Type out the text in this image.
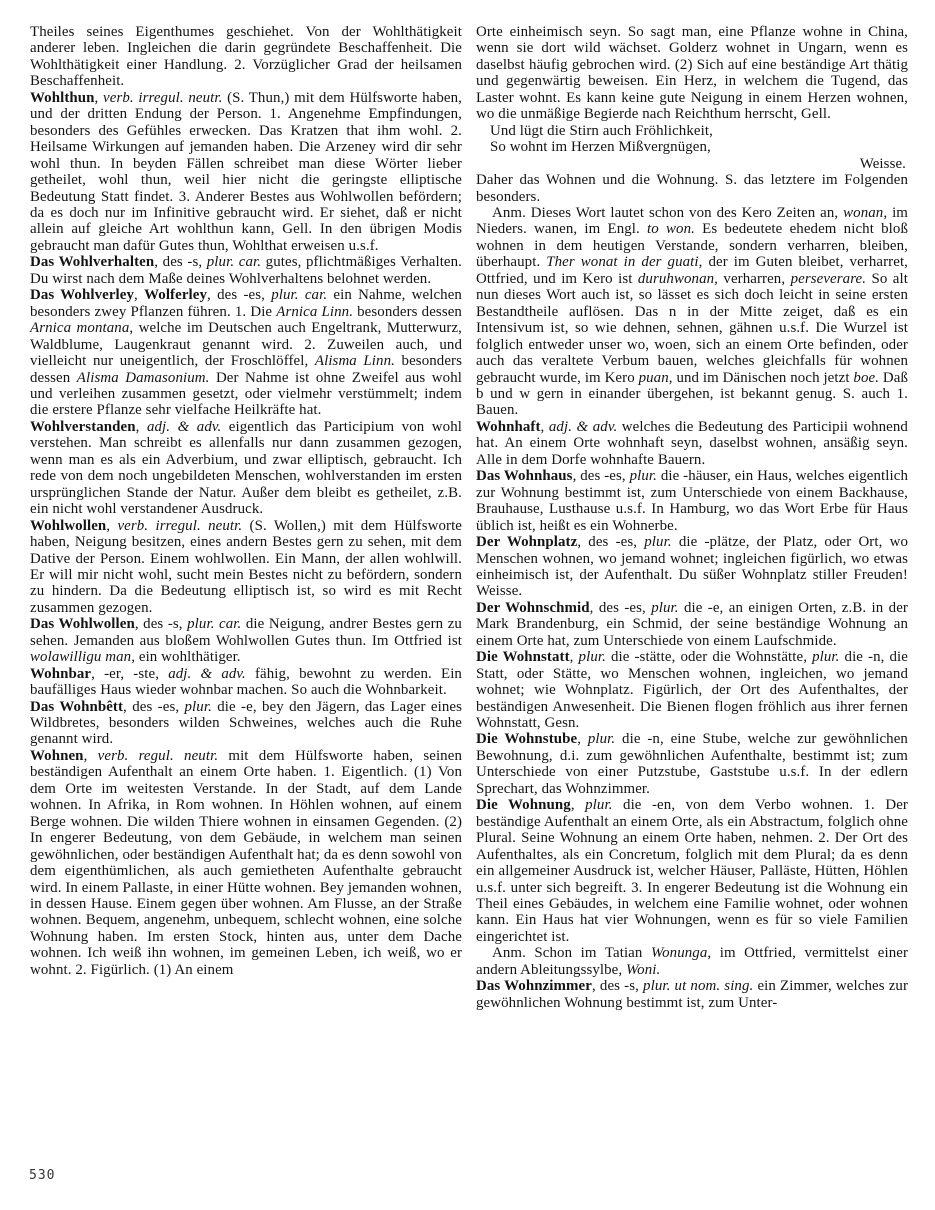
Theiles seines Eigenthumes geschiehet. Von der Wohlthätigkeit anderer leben. Ingleichen die darin gegründete Beschaffenheit. Die Wohlthätigkeit einer Handlung. 2. Vorzüglicher Grad der heilsamen Beschaffenheit.
Wohlthun, verb. irregul. neutr. (S. Thun,) mit dem Hülfsworte haben, und der dritten Endung der Person. 1. Angenehme Empfindungen, besonders des Gefühles erwecken. Das Kratzen that ihm wohl. 2. Heilsame Wirkungen auf jemanden haben. Die Arzeney wird dir sehr wohl thun. In beyden Fällen schreibet man diese Wörter lieber getheilet, wohl thun, weil hier nicht die geringste elliptische Bedeutung Statt findet. 3. Anderer Bestes aus Wohlwollen befördern; da es doch nur im Infinitive gebraucht wird. Er siehet, daß er nicht allein auf gleiche Art wohlthun kann, Gell. In den übrigen Modis gebraucht man dafür Gutes thun, Wohlthat erweisen u.s.f.
Das Wohlverhalten, des -s, plur. car. gutes, pflichtmäßiges Verhalten. Du wirst nach dem Maße deines Wohlverhaltens belohnet werden.
Das Wohlverley, Wolferley, des -es, plur. car. ein Nahme, welchen besonders zwey Pflanzen führen. 1. Die Arnica Linn. besonders dessen Arnica montana, welche im Deutschen auch Engeltrank, Mutterwurz, Waldblume, Laugenkraut genannt wird. 2. Zuweilen auch, und vielleicht nur uneigentlich, der Froschlöffel, Alisma Linn. besonders dessen Alisma Damasonium. Der Nahme ist ohne Zweifel aus wohl und verleihen zusammen gesetzt, oder vielmehr verstümmelt; indem die erstere Pflanze sehr vielfache Heilkräfte hat.
Wohlverstanden, adj. & adv. eigentlich das Participium von wohl verstehen. Man schreibt es allenfalls nur dann zusammen gezogen, wenn man es als ein Adverbium, und zwar elliptisch, gebraucht. Ich rede von dem noch ungebildeten Menschen, wohlverstanden im ersten ursprünglichen Stande der Natur. Außer dem bleibt es getheilet, z.B. ein nicht wohl verstandener Ausdruck.
Wohlwollen, verb. irregul. neutr. (S. Wollen,) mit dem Hülfsworte haben, Neigung besitzen, eines andern Bestes gern zu sehen, mit dem Dative der Person. Einem wohlwollen. Ein Mann, der allen wohlwill. Er will mir nicht wohl, sucht mein Bestes nicht zu befördern, sondern zu hindern. Da die Bedeutung elliptisch ist, so wird es mit Recht zusammen gezogen.
Das Wohlwollen, des -s, plur. car. die Neigung, andrer Bestes gern zu sehen. Jemanden aus bloßem Wohlwollen Gutes thun. Im Ottfried ist wolawilligu man, ein wohlthätiger.
Wohnbar, -er, -ste, adj. & adv. fähig, bewohnt zu werden. Ein baufälliges Haus wieder wohnbar machen. So auch die Wohnbarkeit.
Das Wohnbêtt, des -es, plur. die -e, bey den Jägern, das Lager eines Wildbretes, besonders wilden Schweines, welches auch die Ruhe genannt wird.
Wohnen, verb. regul. neutr. mit dem Hülfsworte haben, seinen beständigen Aufenthalt an einem Orte haben. 1. Eigentlich. (1) Von dem Orte im weitesten Verstande. In der Stadt, auf dem Lande wohnen. In Afrika, in Rom wohnen. In Höhlen wohnen, auf einem Berge wohnen. Die wilden Thiere wohnen in einsamen Gegenden. (2) In engerer Bedeutung, von dem Gebäude, in welchem man seinen gewöhnlichen, oder beständigen Aufenthalt hat; da es denn sowohl von dem eigenthümlichen, als auch gemietheten Aufenthalte gebraucht wird. In einem Pallaste, in einer Hütte wohnen. Bey jemanden wohnen, in dessen Hause. Einem gegen über wohnen. Am Flusse, an der Straße wohnen. Bequem, angenehm, unbequem, schlecht wohnen, eine solche Wohnung haben. Im ersten Stock, hinten aus, unter dem Dache wohnen. Ich weiß ihn wohnen, im gemeinen Leben, ich weiß, wo er wohnt. 2. Figürlich. (1) An einem
Orte einheimisch seyn. So sagt man, eine Pflanze wohne in China, wenn sie dort wild wächset. Golderz wohnet in Ungarn, wenn es daselbst häufig gebrochen wird. (2) Sich auf eine beständige Art thätig und gegenwärtig beweisen. Ein Herz, in welchem die Tugend, das Laster wohnt. Es kann keine gute Neigung in einem Herzen wohnen, wo die unmäßige Begierde nach Reichthum herrscht, Gell.
Und lügt die Stirn auch Fröhlichkeit,
So wohnt im Herzen Mißvergnügen,
Weisse.
Daher das Wohnen und die Wohnung. S. das letztere im Folgenden besonders.
Anm. Dieses Wort lautet schon von des Kero Zeiten an, wonan, im Nieders. wanen, im Engl. to won. Es bedeutete ehedem nicht bloß wohnen in dem heutigen Verstande, sondern verharren, bleiben, überhaupt. Ther wonat in der guati, der im Guten bleibet, verharret, Ottfried, und im Kero ist duruhwonan, verharren, perseverare. So alt nun dieses Wort auch ist, so lässet es sich doch leicht in seine ersten Bestandtheile auflösen. Das n in der Mitte zeiget, daß es ein Intensivum ist, so wie dehnen, sehnen, gähnen u.s.f. Die Wurzel ist folglich entweder unser wo, woen, sich an einem Orte befinden, oder auch das veraltete Verbum bauen, welches gleichfalls für wohnen gebraucht wurde, im Kero puan, und im Dänischen noch jetzt boe. Daß b und w gern in einander übergehen, ist bekannt genug. S. auch 1. Bauen.
Wohnhaft, adj. & adv. welches die Bedeutung des Participii wohnend hat. An einem Orte wohnhaft seyn, daselbst wohnen, ansäßig seyn. Alle in dem Dorfe wohnhafte Bauern.
Das Wohnhaus, des -es, plur. die -häuser, ein Haus, welches eigentlich zur Wohnung bestimmt ist, zum Unterschiede von einem Backhause, Brauhause, Lusthause u.s.f. In Hamburg, wo das Wort Erbe für Haus üblich ist, heißt es ein Wohnerbe.
Der Wohnplatz, des -es, plur. die -plätze, der Platz, oder Ort, wo Menschen wohnen, wo jemand wohnet; ingleichen figürlich, wo etwas einheimisch ist, der Aufenthalt. Du süßer Wohnplatz stiller Freuden! Weisse.
Der Wohnschmid, des -es, plur. die -e, an einigen Orten, z.B. in der Mark Brandenburg, ein Schmid, der seine beständige Wohnung an einem Orte hat, zum Unterschiede von einem Laufschmide.
Die Wohnstatt, plur. die -stätte, oder die Wohnstätte, plur. die -n, die Statt, oder Stätte, wo Menschen wohnen, ingleichen, wo jemand wohnet; wie Wohnplatz. Figürlich, der Ort des Aufenthaltes, der beständigen Anwesenheit. Die Bienen flogen fröhlich aus ihrer fernen Wohnstatt, Gesn.
Die Wohnstube, plur. die -n, eine Stube, welche zur gewöhnlichen Bewohnung, d.i. zum gewöhnlichen Aufenthalte, bestimmt ist; zum Unterschiede von einer Putzstube, Gaststube u.s.f. In der edlern Sprechart, das Wohnzimmer.
Die Wohnung, plur. die -en, von dem Verbo wohnen. 1. Der beständige Aufenthalt an einem Orte, als ein Abstractum, folglich ohne Plural. Seine Wohnung an einem Orte haben, nehmen. 2. Der Ort des Aufenthaltes, als ein Concretum, folglich mit dem Plural; da es denn ein allgemeiner Ausdruck ist, welcher Häuser, Palläste, Hütten, Höhlen u.s.f. unter sich begreift. 3. In engerer Bedeutung ist die Wohnung ein Theil eines Gebäudes, in welchem eine Familie wohnet, oder wohnen kann. Ein Haus hat vier Wohnungen, wenn es für so viele Familien eingerichtet ist.
Anm. Schon im Tatian Wonunga, im Ottfried, vermittelst einer andern Ableitungssylbe, Woni.
Das Wohnzimmer, des -s, plur. ut nom. sing. ein Zimmer, welches zur gewöhnlichen Wohnung bestimmt ist, zum Unter-
530
